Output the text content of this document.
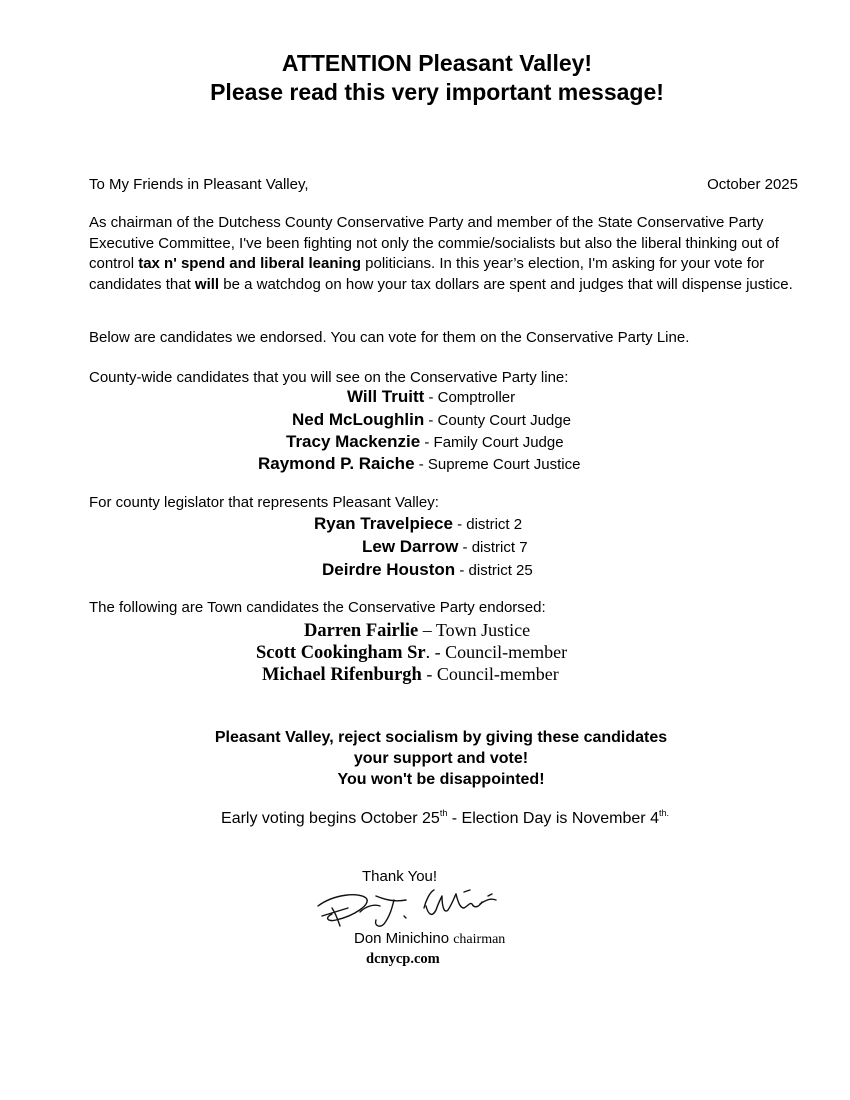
ATTENTION Pleasant Valley!
Please read this very important message!
To My Friends in Pleasant Valley,	October 2025
As chairman of the Dutchess County Conservative Party and member of the State Conservative Party Executive Committee, I've been fighting not only the commie/socialists but also the liberal thinking out of control tax n' spend and liberal leaning politicians. In this year’s election, I'm asking for your vote for candidates that will be a watchdog on how your tax dollars are spent and judges that will dispense justice.
Below are candidates we endorsed. You can vote for them on the Conservative Party Line.
County-wide candidates that you will see on the Conservative Party line:
Will Truitt - Comptroller
Ned McLoughlin - County Court Judge
Tracy Mackenzie - Family Court Judge
Raymond P. Raiche - Supreme Court Justice
For county legislator that represents Pleasant Valley:
Ryan Travelpiece - district 2
Lew Darrow - district 7
Deirdre Houston - district 25
The following are Town candidates the Conservative Party endorsed:
Darren Fairlie – Town Justice
Scott Cookingham Sr. - Council-member
Michael Rifenburgh - Council-member
Pleasant Valley, reject socialism by giving these candidates
your support and vote!
You won't be disappointed!
Early voting begins October 25th - Election Day is November $4^{th.}$
Thank You!
Don Minichino chairman
dcnycp.com
